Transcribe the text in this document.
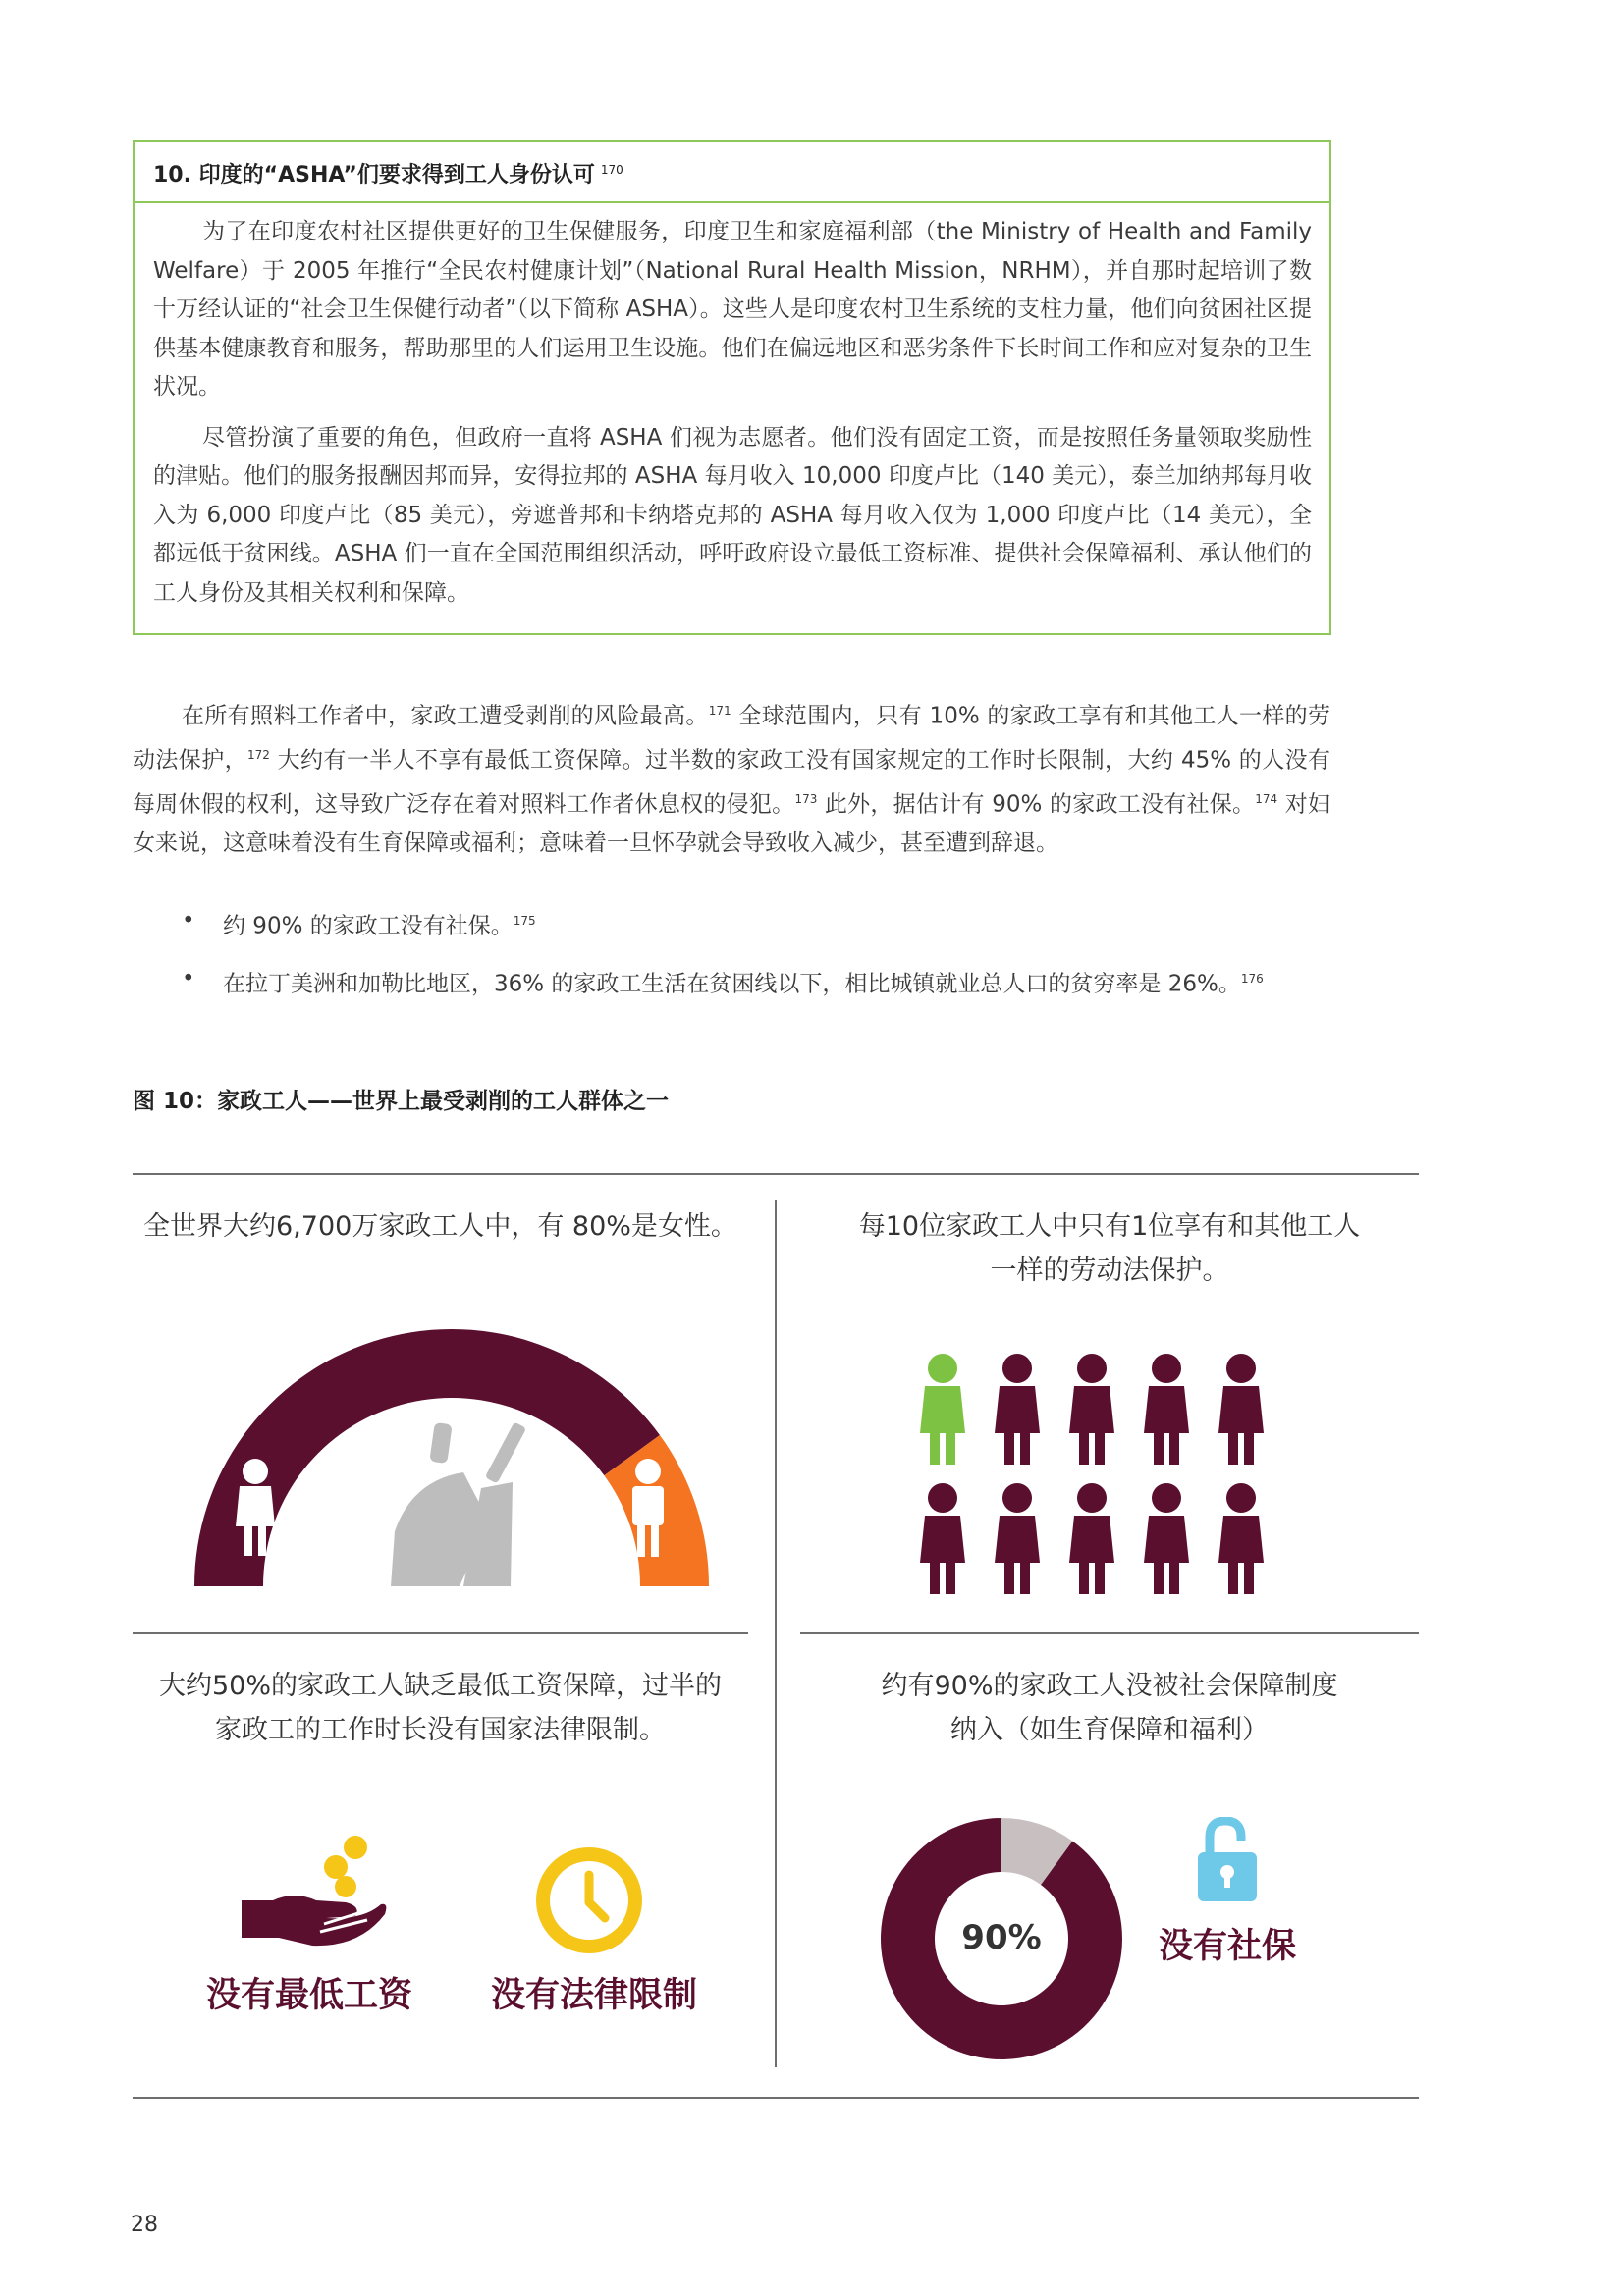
10. 印度的“ASHA”们要求得到工人身份认可 $^{170}$

为了在印度农村社区提供更好的卫生保健服务，印度卫生和家庭福利部（the Ministry of Health and Family Welfare）于 2005 年推行“全民农村健康计划”（National Rural Health Mission，NRHM），并自那时起培训了数十万经认证的“社会卫生保健行动者”（以下简称 ASHA）。这些人是印度农村卫生系统的支柱力量，他们向贫困社区提供基本健康教育和服务，帮助那里的人们运用卫生设施。他们在偏远地区和恶劣条件下长时间工作和应对复杂的卫生状况。

尽管扮演了重要的角色，但政府一直将 ASHA 们视为志愿者。他们没有固定工资，而是按照任务量领取奖励性的津贴。他们的服务报酬因邦而异，安得拉邦的 ASHA 每月收入 10,000 印度卢比（140 美元），泰兰加纳邦每月收入为 6,000 印度卢比（85 美元），旁遮普邦和卡纳塔克邦的 ASHA 每月收入仅为 1,000 印度卢比（14 美元），全都远低于贫困线。ASHA 们一直在全国范围组织活动，呼吁政府设立最低工资标准、提供社会保障福利、承认他们的工人身份及其相关权利和保障。

在所有照料工作者中，家政工遭受剥削的风险最高。$^{171}$ 全球范围内，只有 10% 的家政工享有和其他工人一样的劳动法保护，$^{172}$ 大约有一半人不享有最低工资保障。过半数的家政工没有国家规定的工作时长限制，大约 45% 的人没有每周休假的权利，这导致广泛存在着对照料工作者休息权的侵犯。$^{173}$ 此外，据估计有 90% 的家政工没有社保。$^{174}$ 对妇女来说，这意味着没有生育保障或福利；意味着一旦怀孕就会导致收入减少，甚至遭到辞退。

• 约 90% 的家政工没有社保。$^{175}$
• 在拉丁美洲和加勒比地区，36% 的家政工生活在贫困线以下，相比城镇就业总人口的贫穷率是 26%。$^{176}$
图 10：家政工人——世界上最受剥削的工人群体之一
全世界大约6,700万家政工人中，有 80%是女性。	每10位家政工人中只有1位享有和其他工人
一样的劳动法保护。
大约50%的家政工人缺乏最低工资保障，过半的
家政工的工作时长没有国家法律限制。
约有90%的家政工人没被社会保障制度
纳入（如生育保障和福利）
没有最低工资	没有法律限制
90%	没有社保
28
